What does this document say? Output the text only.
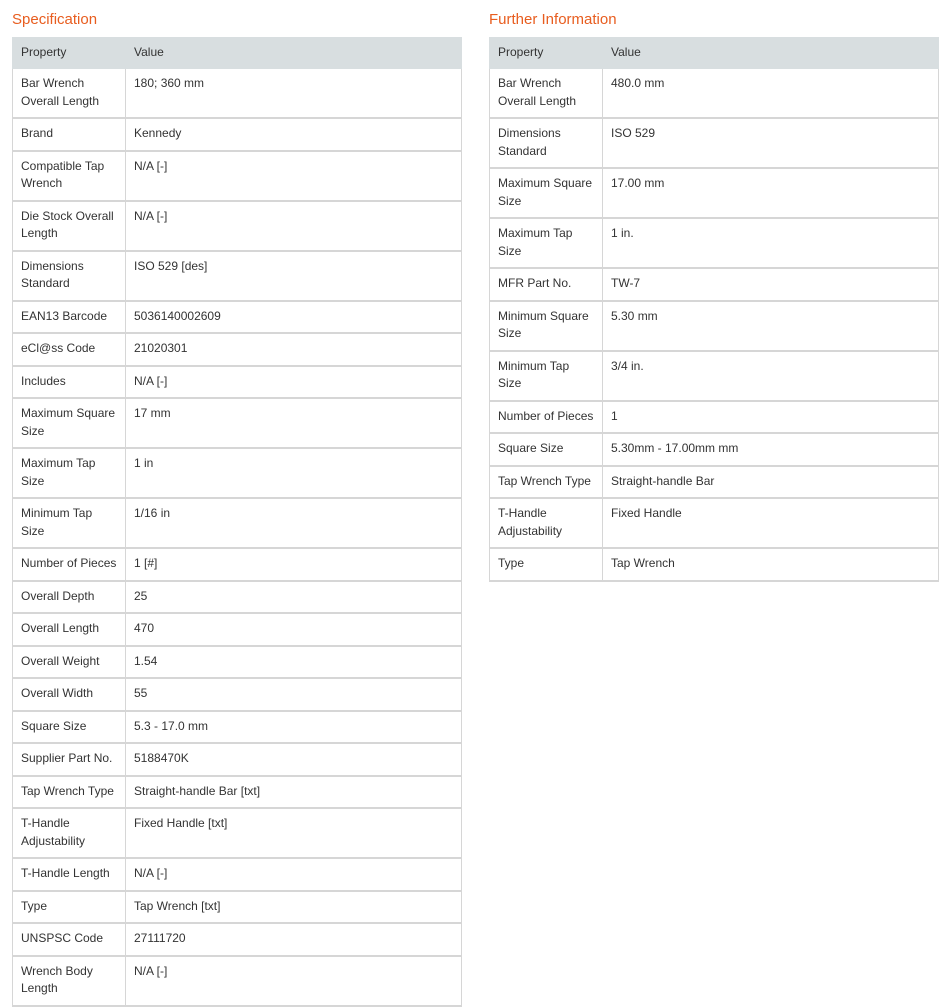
Specification
Property	Value
Bar Wrench Overall Length	180; 360 mm
Brand	Kennedy
Compatible Tap Wrench	N/A [-]
Die Stock Overall Length	N/A [-]
Dimensions Standard	ISO 529 [des]
EAN13 Barcode	5036140002609
eCl@ss Code	21020301
Includes	N/A [-]
Maximum Square Size	17 mm
Maximum Tap Size	1 in
Minimum Tap Size	1/16 in
Number of Pieces	1 [#]
Overall Depth	25
Overall Length	470
Overall Weight	1.54
Overall Width	55
Square Size	5.3 - 17.0 mm
Supplier Part No.	5188470K
Tap Wrench Type	Straight-handle Bar [txt]
T-Handle Adjustability	Fixed Handle [txt]
T-Handle Length	N/A [-]
Type	Tap Wrench [txt]
UNSPSC Code	27111720
Wrench Body Length	N/A [-]
Further Information
Property	Value
Bar Wrench Overall Length	480.0 mm
Dimensions Standard	ISO 529
Maximum Square Size	17.00 mm
Maximum Tap Size	1 in.
MFR Part No.	TW-7
Minimum Square Size	5.30 mm
Minimum Tap Size	3/4 in.
Number of Pieces	1
Square Size	5.30mm - 17.00mm mm
Tap Wrench Type	Straight-handle Bar
T-Handle Adjustability	Fixed Handle
Type	Tap Wrench
